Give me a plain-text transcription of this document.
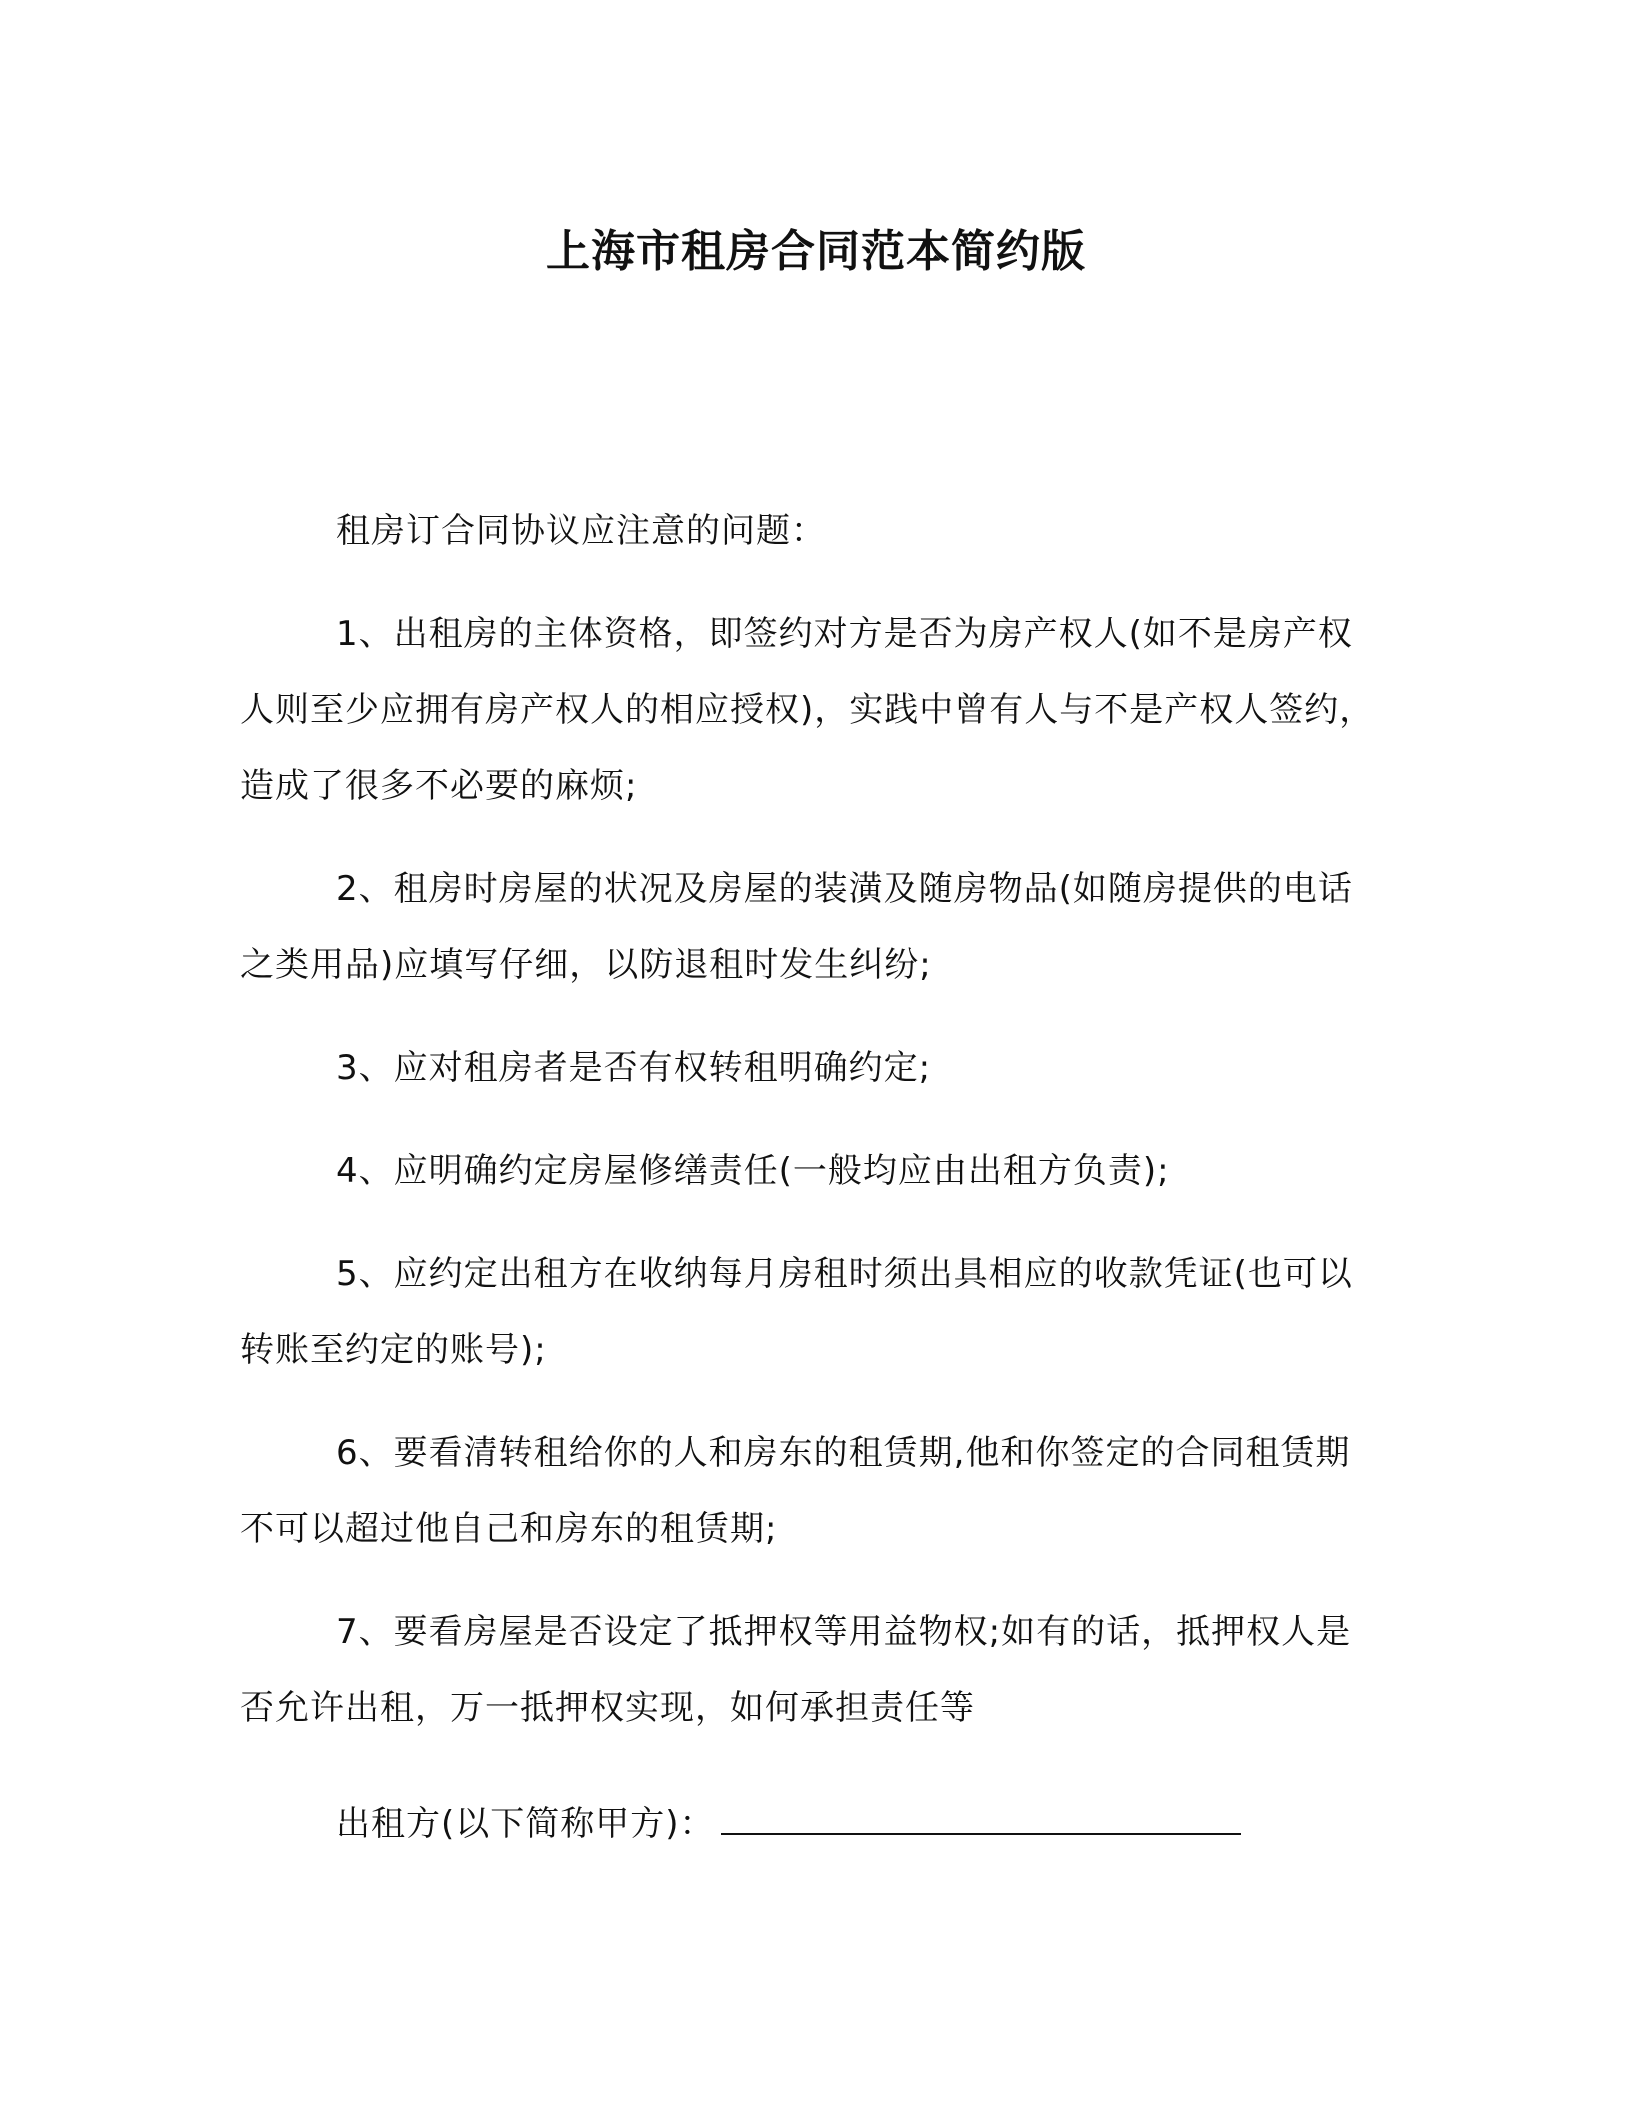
上海市租房合同范本简约版

租房订合同协议应注意的问题：

1、出租房的主体资格，即签约对方是否为房产权人(如不是房产权人则至少应拥有房产权人的相应授权)，实践中曾有人与不是产权人签约，造成了很多不必要的麻烦;

2、租房时房屋的状况及房屋的装潢及随房物品(如随房提供的电话之类用品)应填写仔细，以防退租时发生纠纷;

3、应对租房者是否有权转租明确约定;

4、应明确约定房屋修缮责任(一般均应由出租方负责);

5、应约定出租方在收纳每月房租时须出具相应的收款凭证(也可以转账至约定的账号);

6、要看清转租给你的人和房东的租赁期,他和你签定的合同租赁期不可以超过他自己和房东的租赁期;

7、要看房屋是否设定了抵押权等用益物权;如有的话，抵押权人是否允许出租，万一抵押权实现，如何承担责任等

出租方(以下简称甲方)：
